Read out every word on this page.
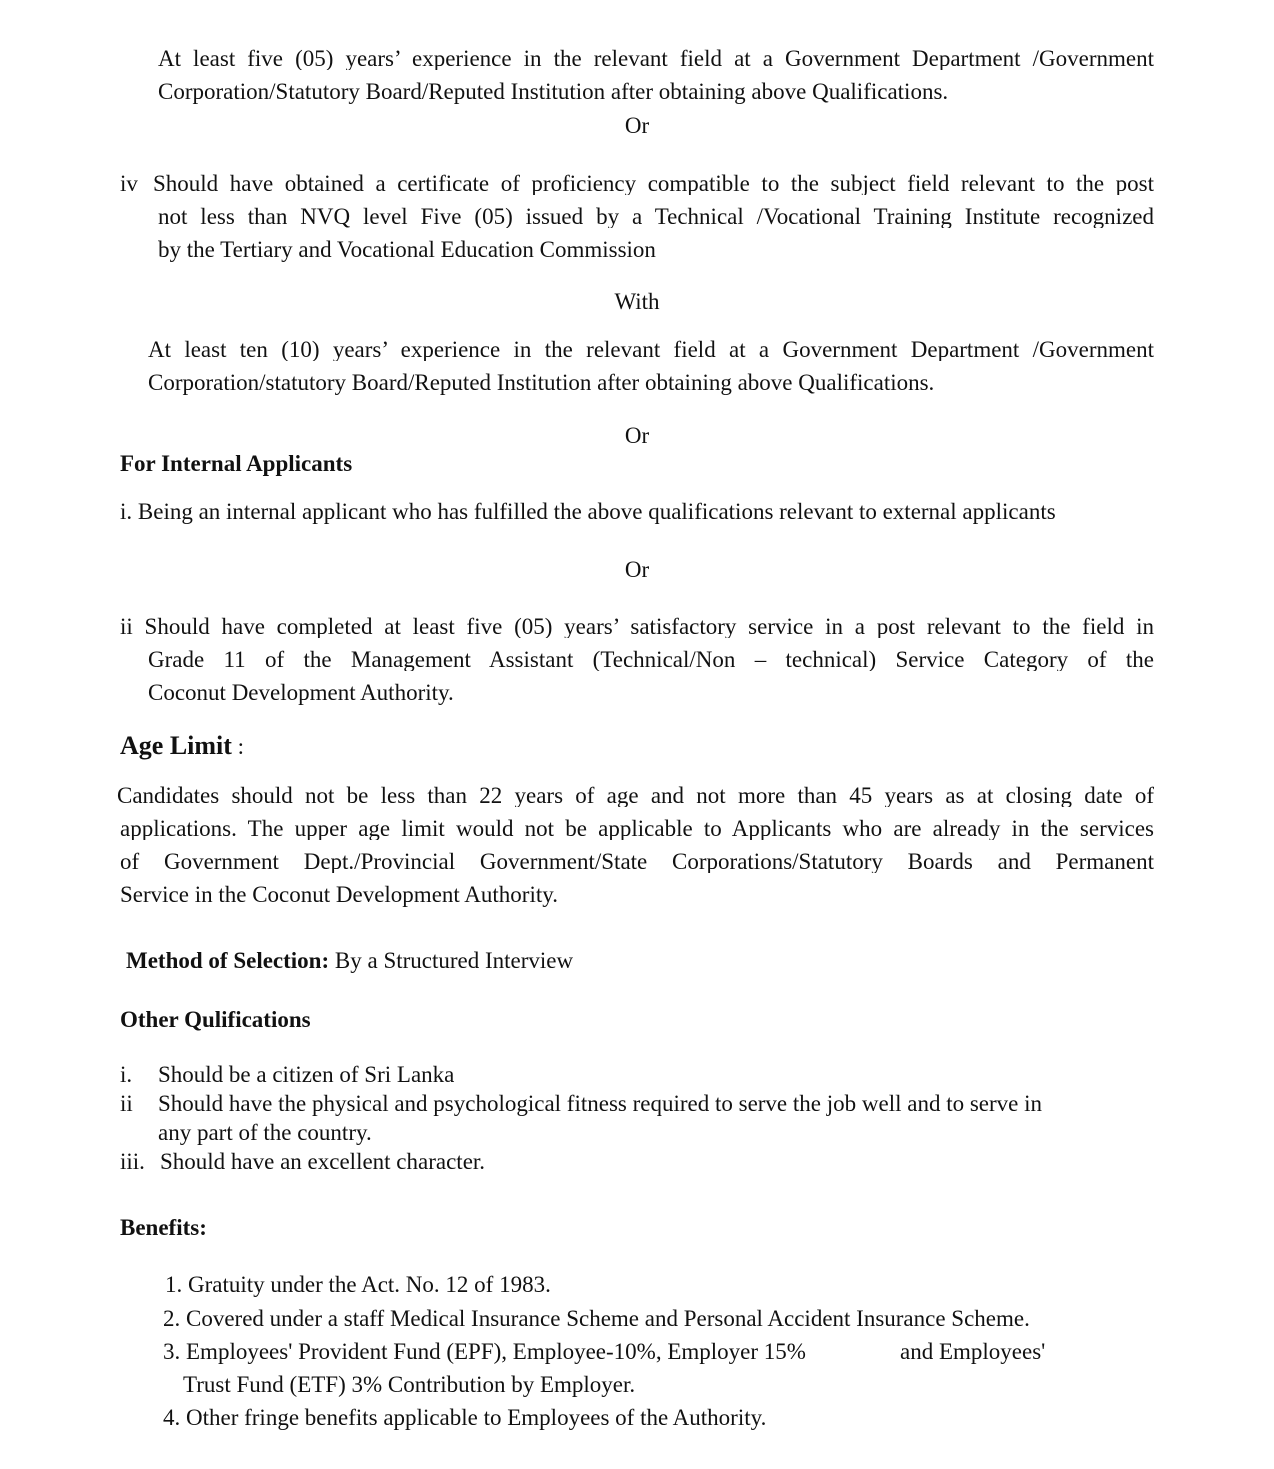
At least five (05) years’ experience in the relevant field at a Government Department /Government
Corporation/Statutory Board/Reputed Institution after obtaining above Qualifications.
Or
iv Should have obtained a certificate of proficiency compatible to the subject field relevant to the post
not less than NVQ level Five (05) issued by a Technical /Vocational Training Institute recognized
by the Tertiary and Vocational Education Commission
With
At least ten (10) years’ experience in the relevant field at a Government Department /Government
Corporation/statutory Board/Reputed Institution after obtaining above Qualifications.
Or
For Internal Applicants
i. Being an internal applicant who has fulfilled the above qualifications relevant to external applicants
Or
ii Should have completed at least five (05) years’ satisfactory service in a post relevant to the field in
Grade 11 of the Management Assistant (Technical/Non – technical) Service Category of the
Coconut Development Authority.
Age Limit :
Candidates should not be less than 22 years of age and not more than 45 years as at closing date of
applications. The upper age limit would not be applicable to Applicants who are already in the services
of Government Dept./Provincial Government/State Corporations/Statutory Boards and Permanent
Service in the Coconut Development Authority.
Method of Selection: By a Structured Interview
Other Qulifications
i. Should be a citizen of Sri Lanka
ii Should have the physical and psychological fitness required to serve the job well and to serve in
any part of the country.
iii. Should have an excellent character.
Benefits:
1. Gratuity under the Act. No. 12 of 1983.
2. Covered under a staff Medical Insurance Scheme and Personal Accident Insurance Scheme.
3. Employees' Provident Fund (EPF), Employee-10%, Employer 15%	and Employees'
Trust Fund (ETF) 3% Contribution by Employer.
4. Other fringe benefits applicable to Employees of the Authority.
